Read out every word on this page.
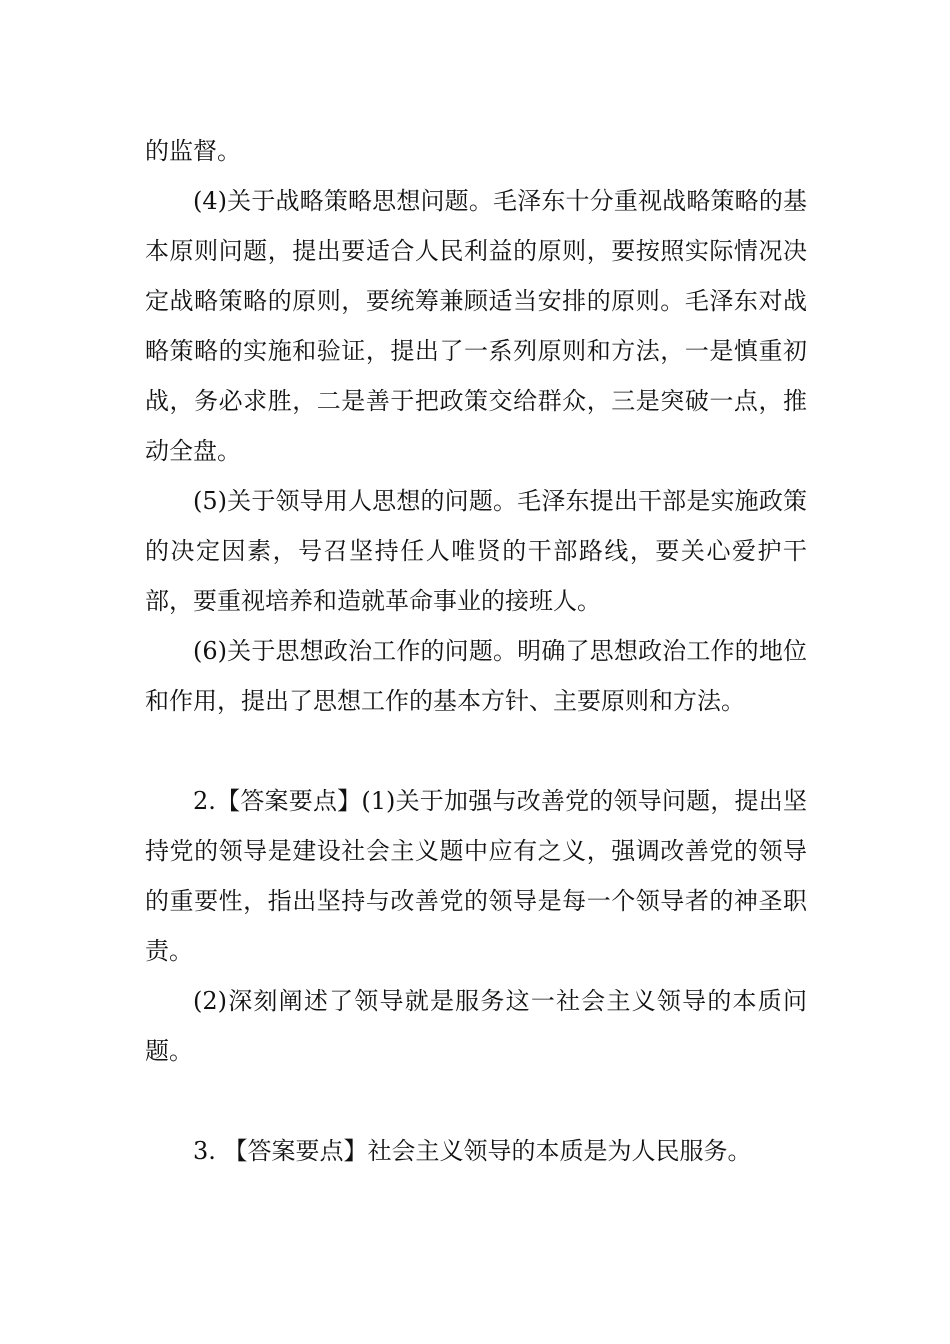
的监督。

(4)关于战略策略思想问题。毛泽东十分重视战略策略的基本原则问题，提出要适合人民利益的原则，要按照实际情况决定战略策略的原则，要统筹兼顾适当安排的原则。毛泽东对战略策略的实施和验证，提出了一系列原则和方法，一是慎重初战，务必求胜，二是善于把政策交给群众，三是突破一点，推动全盘。

(5)关于领导用人思想的问题。毛泽东提出干部是实施政策的决定因素，号召坚持任人唯贤的干部路线，要关心爱护干部，要重视培养和造就革命事业的接班人。

(6)关于思想政治工作的问题。明确了思想政治工作的地位和作用，提出了思想工作的基本方针、主要原则和方法。

2.【答案要点】(1)关于加强与改善党的领导问题，提出坚持党的领导是建设社会主义题中应有之义，强调改善党的领导的重要性，指出坚持与改善党的领导是每一个领导者的神圣职责。

(2)深刻阐述了领导就是服务这一社会主义领导的本质问题。

3. 【答案要点】社会主义领导的本质是为人民服务。
